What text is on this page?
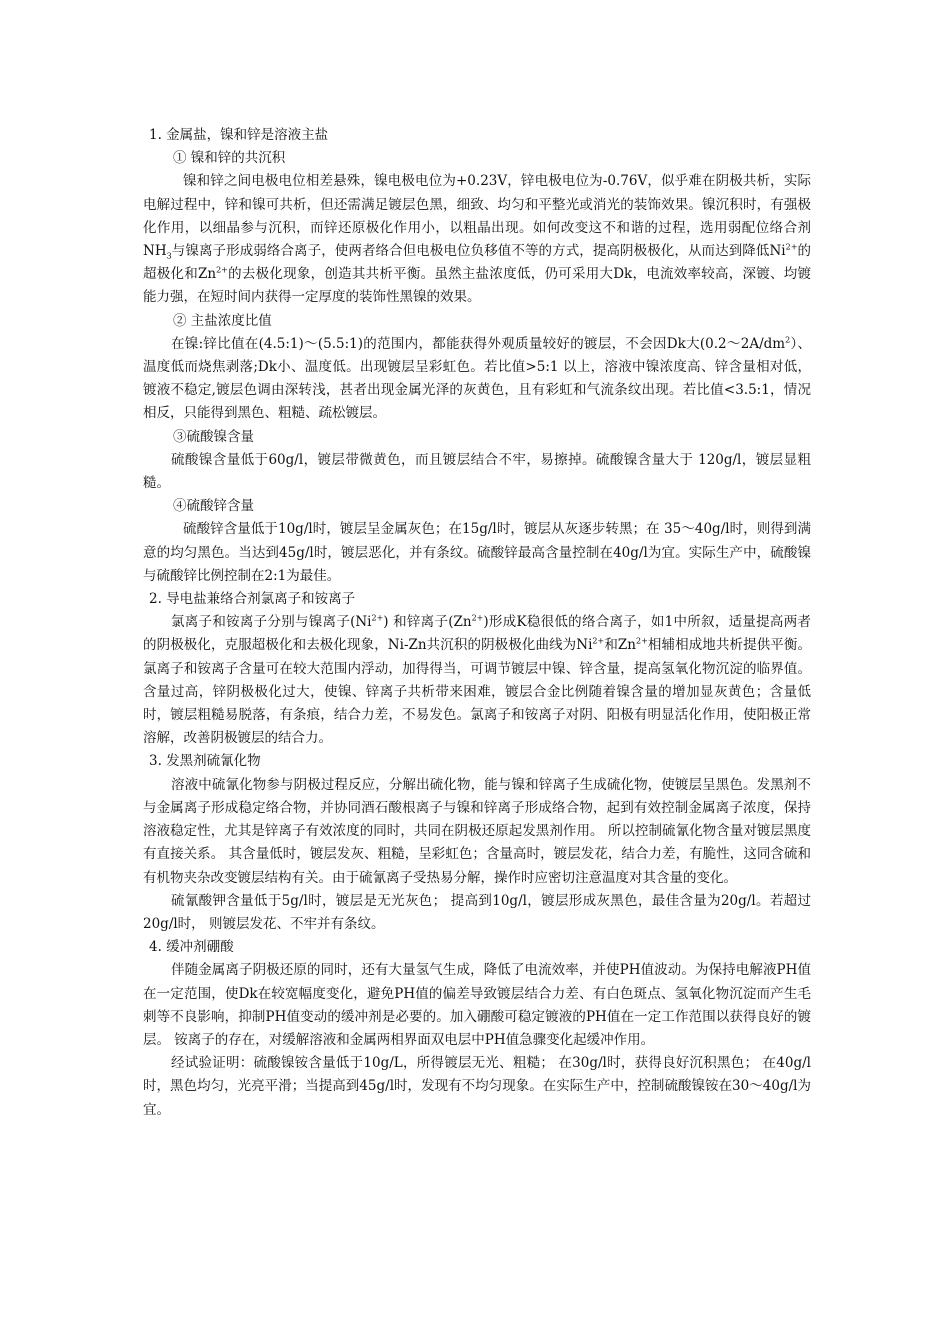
1. 金属盐，镍和锌是溶液主盐

① 镍和锌的共沉积

镍和锌之间电极电位相差悬殊，镍电极电位为+0.23V，锌电极电位为-0.76V，似乎难在阴极共析，实际电解过程中，锌和镍可共析，但还需满足镀层色黑，细致、均匀和平整光或消光的装饰效果。镍沉积时，有强极化作用，以细晶参与沉积，而锌还原极化作用小，以粗晶出现。如何改变这不和谐的过程，选用弱配位络合剂$NH_3$与镍离子形成弱络合离子，使两者络合但电极电位负移值不等的方式，提高阴极极化，从而达到降低$Ni^{2+}$的超极化和$Zn^{2+}$的去极化现象，创造其共析平衡。虽然主盐浓度低，仍可采用大Dk，电流效率较高，深镀、均镀能力强，在短时间内获得一定厚度的装饰性黑镍的效果。

② 主盐浓度比值

在镍:锌比值在(4.5:1)～(5.5:1)的范围内，都能获得外观质量较好的镀层，不会因Dk大$(0.2\sim 2A/dm^2)$、温度低而烧焦剥落;Dk小、温度低。出现镀层呈彩虹色。若比值>5:1 以上，溶液中镍浓度高、锌含量相对低，镀液不稳定,镀层色调由深转浅，甚者出现金属光泽的灰黄色，且有彩虹和气流条纹出现。若比值<3.5:1，情况相反，只能得到黑色、粗糙、疏松镀层。

③硫酸镍含量

硫酸镍含量低于60g/l，镀层带微黄色，而且镀层结合不牢，易擦掉。硫酸镍含量大于 120g/l，镀层显粗糙。

④硫酸锌含量

硫酸锌含量低于10g/l时，镀层呈金属灰色；在15g/l时，镀层从灰逐步转黑；在 35～40g/l时，则得到满意的均匀黑色。当达到45g/l时，镀层恶化，并有条纹。硫酸锌最高含量控制在40g/l为宜。实际生产中，硫酸镍与硫酸锌比例控制在2:1为最佳。

2. 导电盐兼络合剂氯离子和铵离子

氯离子和铵离子分别与镍离子$(Ni^{2+})$ 和锌离子$(Zn^{2+})$形成K稳很低的络合离子，如1中所叙，适量提高两者的阴极极化，克服超极化和去极化现象，Ni-Zn共沉积的阴极极化曲线为$Ni^{2+}$和$Zn^{2+}$相辅相成地共析提供平衡。氯离子和铵离子含量可在较大范围内浮动，加得得当，可调节镀层中镍、锌含量，提高氢氧化物沉淀的临界值。含量过高，锌阴极极化过大，使镍、锌离子共析带来困难，镀层合金比例随着镍含量的增加显灰黄色；含量低时，镀层粗糙易脱落，有条痕，结合力差，不易发色。氯离子和铵离子对阴、阳极有明显活化作用，使阳极正常溶解，改善阴极镀层的结合力。

3. 发黑剂硫氰化物

溶液中硫氰化物参与阴极过程反应，分解出硫化物，能与镍和锌离子生成硫化物，使镀层呈黑色。发黑剂不与金属离子形成稳定络合物，并协同酒石酸根离子与镍和锌离子形成络合物，起到有效控制金属离子浓度，保持溶液稳定性，尤其是锌离子有效浓度的同时，共同在阴极还原起发黑剂作用。 所以控制硫氰化物含量对镀层黑度有直接关系。 其含量低时，镀层发灰、粗糙，呈彩虹色；含量高时，镀层发花，结合力差，有脆性，这同含硫和有机物夹杂改变镀层结构有关。由于硫氰离子受热易分解，操作时应密切注意温度对其含量的变化。

硫氰酸钾含量低于5g/l时，镀层是无光灰色； 提高到10g/l，镀层形成灰黑色，最佳含量为20g/l。若超过20g/l时， 则镀层发花、不牢并有条纹。

4. 缓冲剂硼酸

伴随金属离子阴极还原的同时，还有大量氢气生成，降低了电流效率，并使PH值波动。为保持电解液PH值在一定范围，使Dk在较宽幅度变化，避免PH值的偏差导致镀层结合力差、有白色斑点、氢氧化物沉淀而产生毛刺等不良影响，抑制PH值变动的缓冲剂是必要的。加入硼酸可稳定镀液的PH值在一定工作范围以获得良好的镀层。 铵离子的存在，对缓解溶液和金属两相界面双电层中PH值急骤变化起缓冲作用。

经试验证明：硫酸镍铵含量低于10g/L，所得镀层无光、粗糙； 在30g/l时，获得良好沉积黑色； 在40g/l时，黑色均匀，光亮平滑；当提高到45g/l时，发现有不均匀现象。在实际生产中，控制硫酸镍铵在30～40g/l为宜。
